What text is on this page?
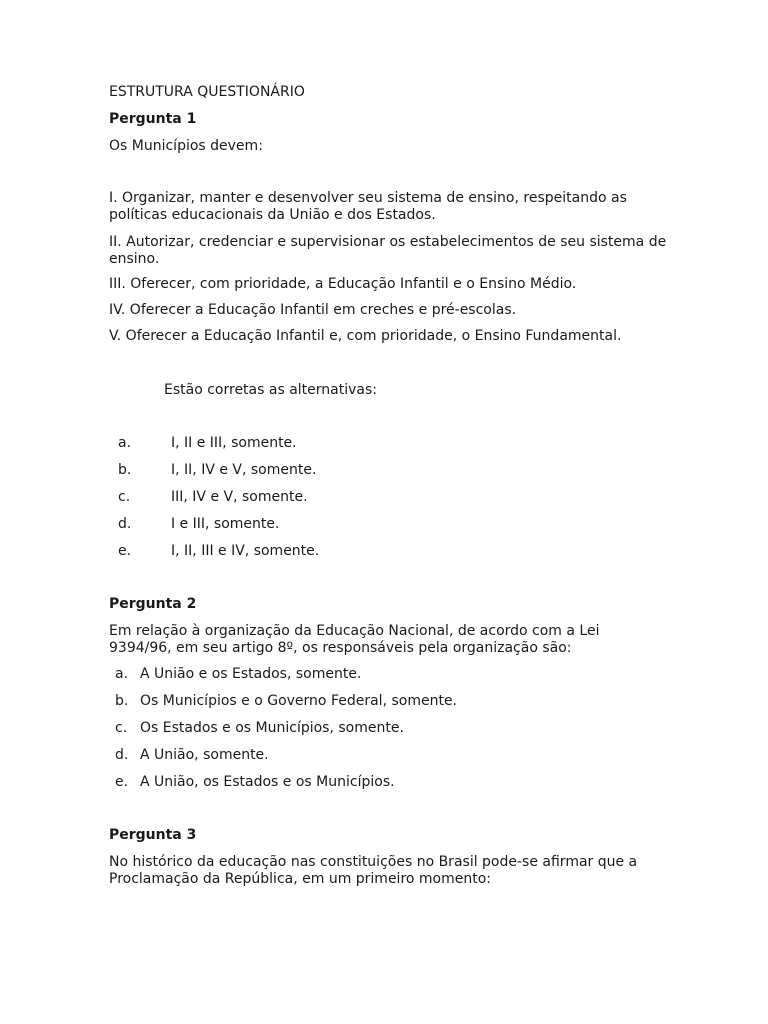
ESTRUTURA QUESTIONÁRIO

Pergunta 1

Os Municípios devem:

I. Organizar, manter e desenvolver seu sistema de ensino, respeitando as políticas educacionais da União e dos Estados.

II. Autorizar, credenciar e supervisionar os estabelecimentos de seu sistema de ensino.

III. Oferecer, com prioridade, a Educação Infantil e o Ensino Médio.

IV. Oferecer a Educação Infantil em creches e pré-escolas.

V. Oferecer a Educação Infantil e, com prioridade, o Ensino Fundamental.

Estão corretas as alternativas:

a.	I, II e III, somente.
b.	I, II, IV e V, somente.
c.	III, IV e V, somente.
d.	I e III, somente.
e.	I, II, III e IV, somente.

Pergunta 2

Em relação à organização da Educação Nacional, de acordo com a Lei 9394/96, em seu artigo 8º, os responsáveis pela organização são:

a. A União e os Estados, somente.
b. Os Municípios e o Governo Federal, somente.
c. Os Estados e os Municípios, somente.
d. A União, somente.
e. A União, os Estados e os Municípios.

Pergunta 3

No histórico da educação nas constituições no Brasil pode-se afirmar que a Proclamação da República, em um primeiro momento:
